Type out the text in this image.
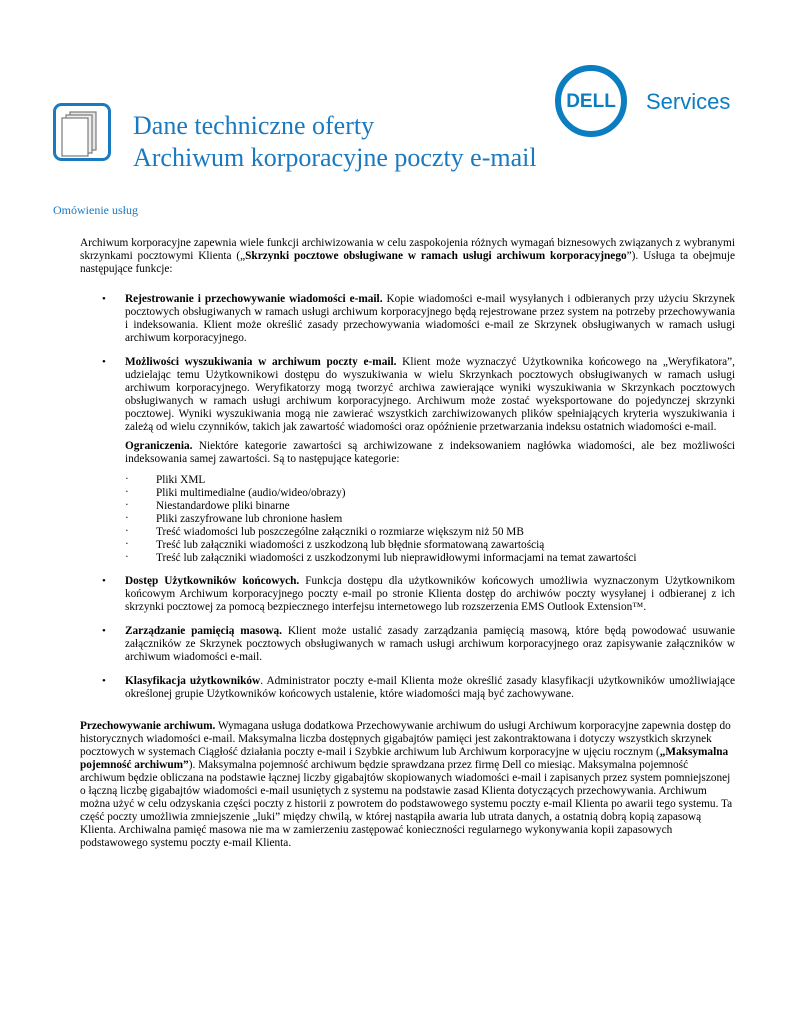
Dane techniczne oferty
Archiwum korporacyjne poczty e-mail
DELL Services
Omówienie usług

Archiwum korporacyjne zapewnia wiele funkcji archiwizowania w celu zaspokojenia różnych wymagań biznesowych związanych z wybranymi skrzynkami pocztowymi Klienta („Skrzynki pocztowe obsługiwane w ramach usługi archiwum korporacyjnego”). Usługa ta obejmuje następujące funkcje:

• Rejestrowanie i przechowywanie wiadomości e-mail. Kopie wiadomości e-mail wysyłanych i odbieranych przy użyciu Skrzynek pocztowych obsługiwanych w ramach usługi archiwum korporacyjnego będą rejestrowane przez system na potrzeby przechowywania i indeksowania. Klient może określić zasady przechowywania wiadomości e-mail ze Skrzynek obsługiwanych w ramach usługi archiwum korporacyjnego.

• Możliwości wyszukiwania w archiwum poczty e-mail. Klient może wyznaczyć Użytkownika końcowego na „Weryfikatora”, udzielając temu Użytkownikowi dostępu do wyszukiwania w wielu Skrzynkach pocztowych obsługiwanych w ramach usługi archiwum korporacyjnego. Weryfikatorzy mogą tworzyć archiwa zawierające wyniki wyszukiwania w Skrzynkach pocztowych obsługiwanych w ramach usługi archiwum korporacyjnego. Archiwum może zostać wyeksportowane do pojedynczej skrzynki pocztowej. Wyniki wyszukiwania mogą nie zawierać wszystkich zarchiwizowanych plików spełniających kryteria wyszukiwania i zależą od wielu czynników, takich jak zawartość wiadomości oraz opóźnienie przetwarzania indeksu ostatnich wiadomości e-mail.

Ograniczenia. Niektóre kategorie zawartości są archiwizowane z indeksowaniem nagłówka wiadomości, ale bez możliwości indeksowania samej zawartości. Są to następujące kategorie:

· Pliki XML
· Pliki multimedialne (audio/wideo/obrazy)
· Niestandardowe pliki binarne
· Pliki zaszyfrowane lub chronione hasłem
· Treść wiadomości lub poszczególne załączniki o rozmiarze większym niż 50 MB
· Treść lub załączniki wiadomości z uszkodzoną lub błędnie sformatowaną zawartością
· Treść lub załączniki wiadomości z uszkodzonymi lub nieprawidłowymi informacjami na temat zawartości
• Dostęp Użytkowników końcowych. Funkcja dostępu dla użytkowników końcowych umożliwia wyznaczonym Użytkownikom końcowym Archiwum korporacyjnego poczty e-mail po stronie Klienta dostęp do archiwów poczty wysyłanej i odbieranej z ich skrzynki pocztowej za pomocą bezpiecznego interfejsu internetowego lub rozszerzenia EMS Outlook Extension™.

• Zarządzanie pamięcią masową. Klient może ustalić zasady zarządzania pamięcią masową, które będą powodować usuwanie załączników ze Skrzynek pocztowych obsługiwanych w ramach usługi archiwum korporacyjnego oraz zapisywanie załączników w archiwum wiadomości e-mail.

• Klasyfikacja użytkowników. Administrator poczty e-mail Klienta może określić zasady klasyfikacji użytkowników umożliwiające określonej grupie Użytkowników końcowych ustalenie, które wiadomości mają być zachowywane.

Przechowywanie archiwum. Wymagana usługa dodatkowa Przechowywanie archiwum do usługi Archiwum korporacyjne zapewnia dostęp do historycznych wiadomości e-mail. Maksymalna liczba dostępnych gigabajtów pamięci jest zakontraktowana i dotyczy wszystkich skrzynek pocztowych w systemach Ciągłość działania poczty e-mail i Szybkie archiwum lub Archiwum korporacyjne w ujęciu rocznym („Maksymalna pojemność archiwum”). Maksymalna pojemność archiwum będzie sprawdzana przez firmę Dell co miesiąc. Maksymalna pojemność archiwum będzie obliczana na podstawie łącznej liczby gigabajtów skopiowanych wiadomości e-mail i zapisanych przez system pomniejszonej o łączną liczbę gigabajtów wiadomości e-mail usuniętych z systemu na podstawie zasad Klienta dotyczących przechowywania. Archiwum można użyć w celu odzyskania części poczty z historii z powrotem do podstawowego systemu poczty e-mail Klienta po awarii tego systemu. Ta część poczty umożliwia zmniejszenie „luki” między chwilą, w której nastąpiła awaria lub utrata danych, a ostatnią dobrą kopią zapasową Klienta. Archiwalna pamięć masowa nie ma w zamierzeniu zastępować konieczności regularnego wykonywania kopii zapasowych podstawowego systemu poczty e-mail Klienta.
